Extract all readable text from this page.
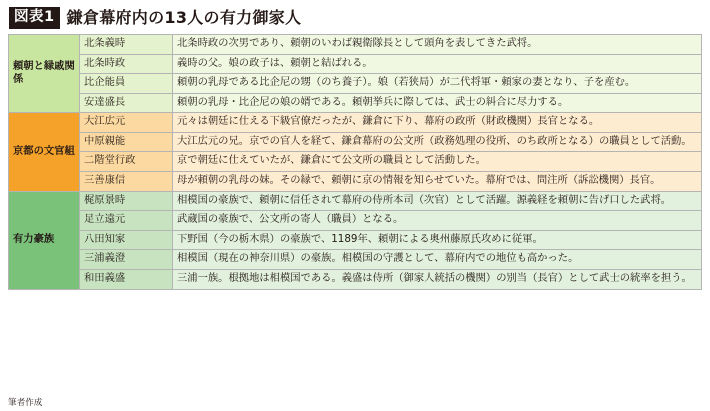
図表1 鎌倉幕府内の13人の有力御家人
頼朝と縁戚関係	北条義時	北条時政の次男であり、頼朝のいわば親衛隊長として頭角を表してきた武将。
	北条時政	義時の父。娘の政子は、頼朝と結ばれる。
	比企能員	頼朝の乳母である比企尼の甥（のち養子）。娘（若狭局）が二代将軍・頼家の妻となり、子を産む。
	安達盛長	頼朝の乳母・比企尼の娘の婿である。頼朝挙兵に際しては、武士の糾合に尽力する。
京都の文官組	大江広元	元々は朝廷に仕える下級官僚だったが、鎌倉に下り、幕府の政所（財政機関）長官となる。
	中原親能	大江広元の兄。京での官人を経て、鎌倉幕府の公文所（政務処理の役所、のち政所となる）の職員として活動。
	二階堂行政	京で朝廷に仕えていたが、鎌倉にて公文所の職員として活動した。
	三善康信	母が頼朝の乳母の妹。その縁で、頼朝に京の情報を知らせていた。幕府では、問注所（訴訟機関）長官。
有力豪族	梶原景時	相模国の豪族で、頼朝に信任されて幕府の侍所本司（次官）として活躍。源義経を頼朝に告げ口した武将。
	足立遠元	武蔵国の豪族で、公文所の寄人（職員）となる。
	八田知家	下野国（今の栃木県）の豪族で、1189年、頼朝による奥州藤原氏攻めに従軍。
	三浦義澄	相模国（現在の神奈川県）の豪族。相模国の守護として、幕府内での地位も高かった。
	和田義盛	三浦一族。根拠地は相模国である。義盛は侍所（御家人統括の機関）の別当（長官）として武士の統率を担う。
筆者作成
